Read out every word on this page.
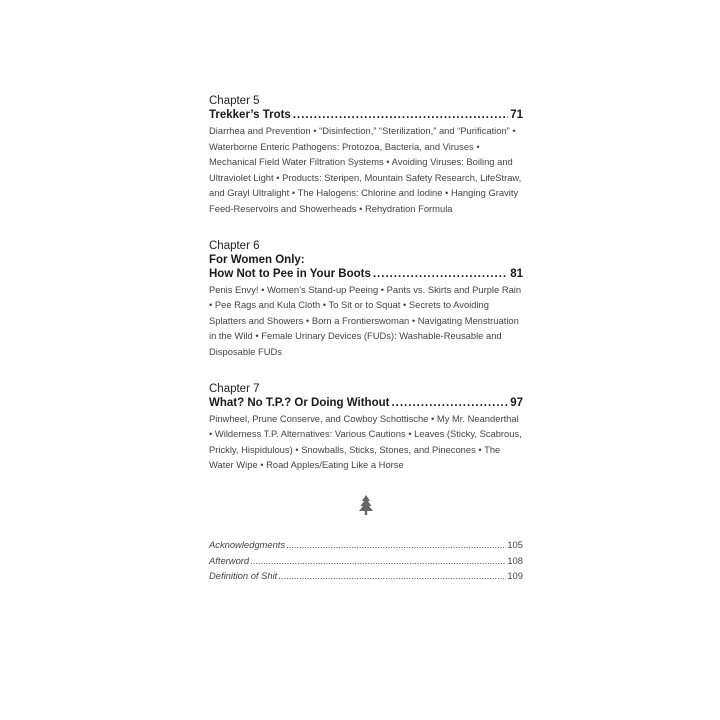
Chapter 5
Trekker’s Trots .....	71
Diarrhea and Prevention • “Disinfection,” “Sterilization,” and “Purification” • Waterborne Enteric Pathogens: Protozoa, Bacteria, and Viruses • Mechanical Field Water Filtration Systems • Avoiding Viruses: Boiling and Ultraviolet Light • Products: Steripen, Mountain Safety Research, LifeStraw, and Grayl Ultralight • The Halogens: Chlorine and Iodine • Hanging Gravity Feed-Reservoirs and Showerheads • Rehydration Formula
Chapter 6
For Women Only:
How Not to Pee in Your Boots .....	81
Penis Envy! • Women’s Stand-up Peeing • Pants vs. Skirts and Purple Rain • Pee Rags and Kula Cloth • To Sit or to Squat • Secrets to Avoiding Splatters and Showers • Born a Frontierswoman • Navigating Menstruation in the Wild • Female Urinary Devices (FUDs): Washable-Reusable and Disposable FUDs
Chapter 7
What? No T.P.? Or Doing Without .....	97
Pinwheel, Prune Conserve, and Cowboy Schottische • My Mr. Neanderthal • Wilderness T.P. Alternatives: Various Cautions • Leaves (Sticky, Scabrous, Prickly, Hispidulous) • Snowballs, Sticks, Stones, and Pinecones • The Water Wipe • Road Apples/Eating Like a Horse
Acknowledgments .....	105
Afterword .....	108
Definition of Shit .....	109
